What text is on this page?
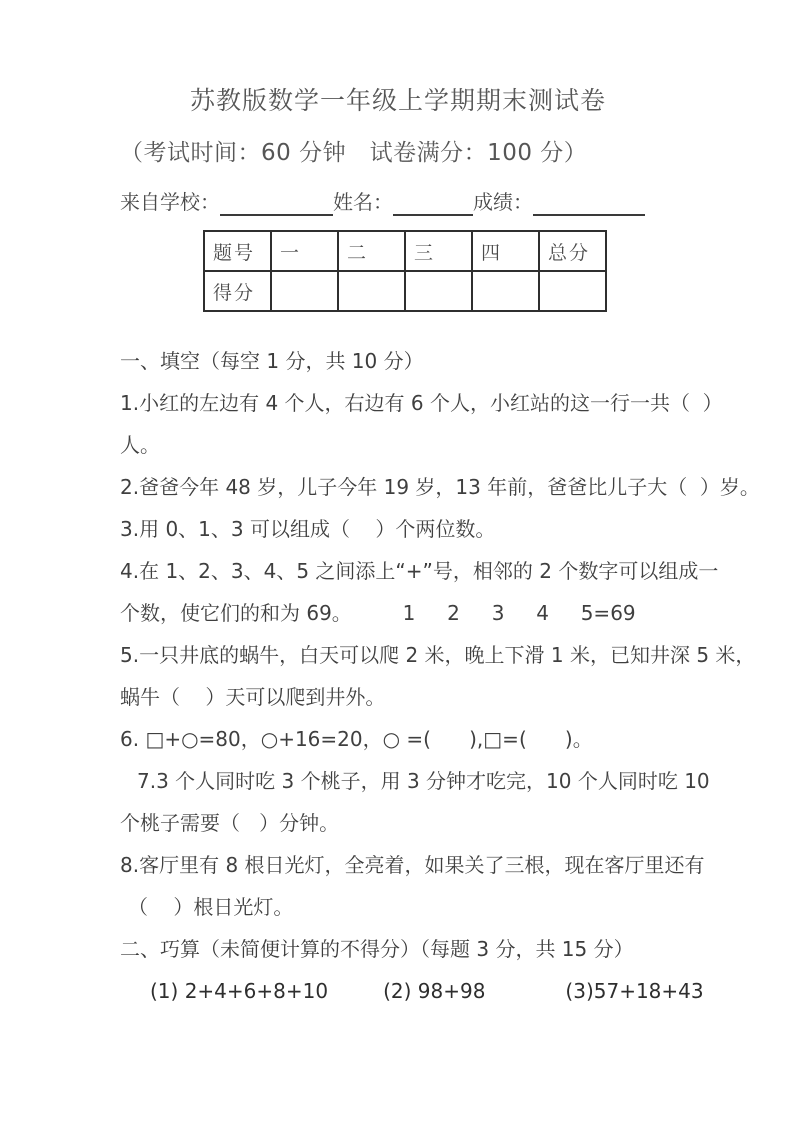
苏教版数学一年级上学期期末测试卷
（考试时间：60 分钟　试卷满分：100 分）
来自学校：	姓名：	成绩：
题号	一	二	三	四	总分
得分					
一、填空（每空 1 分，共 10 分）
1.小红的左边有 4 个人，右边有 6 个人，小红站的这一行一共（  ）
人。
2.爸爸今年 48 岁，儿子今年 19 岁，13 年前，爸爸比儿子大（  ）岁。
3.用 0、1、3 可以组成（    ）个两位数。
4.在 1、2、3、4、5 之间添上“+”号，相邻的 2 个数字可以组成一
个数，使它们的和为 69。        1     2     3     4     5=69
5.一只井底的蜗牛，白天可以爬 2 米，晚上下滑 1 米，已知井深 5 米，
蜗牛（    ）天可以爬到井外。
6. □+○=80，○+16=20，○ =(      ),□=(      )。
7.3 个人同时吃 3 个桃子，用 3 分钟才吃完，10 个人同时吃 10
个桃子需要（   ）分钟。
8.客厅里有 8 根日光灯，全亮着，如果关了三根，现在客厅里还有
（    ）根日光灯。
二、巧算（未简便计算的不得分）（每题 3 分，共 15 分）
(1) 2+4+6+8+10	(2) 98+98	(3)57+18+43
